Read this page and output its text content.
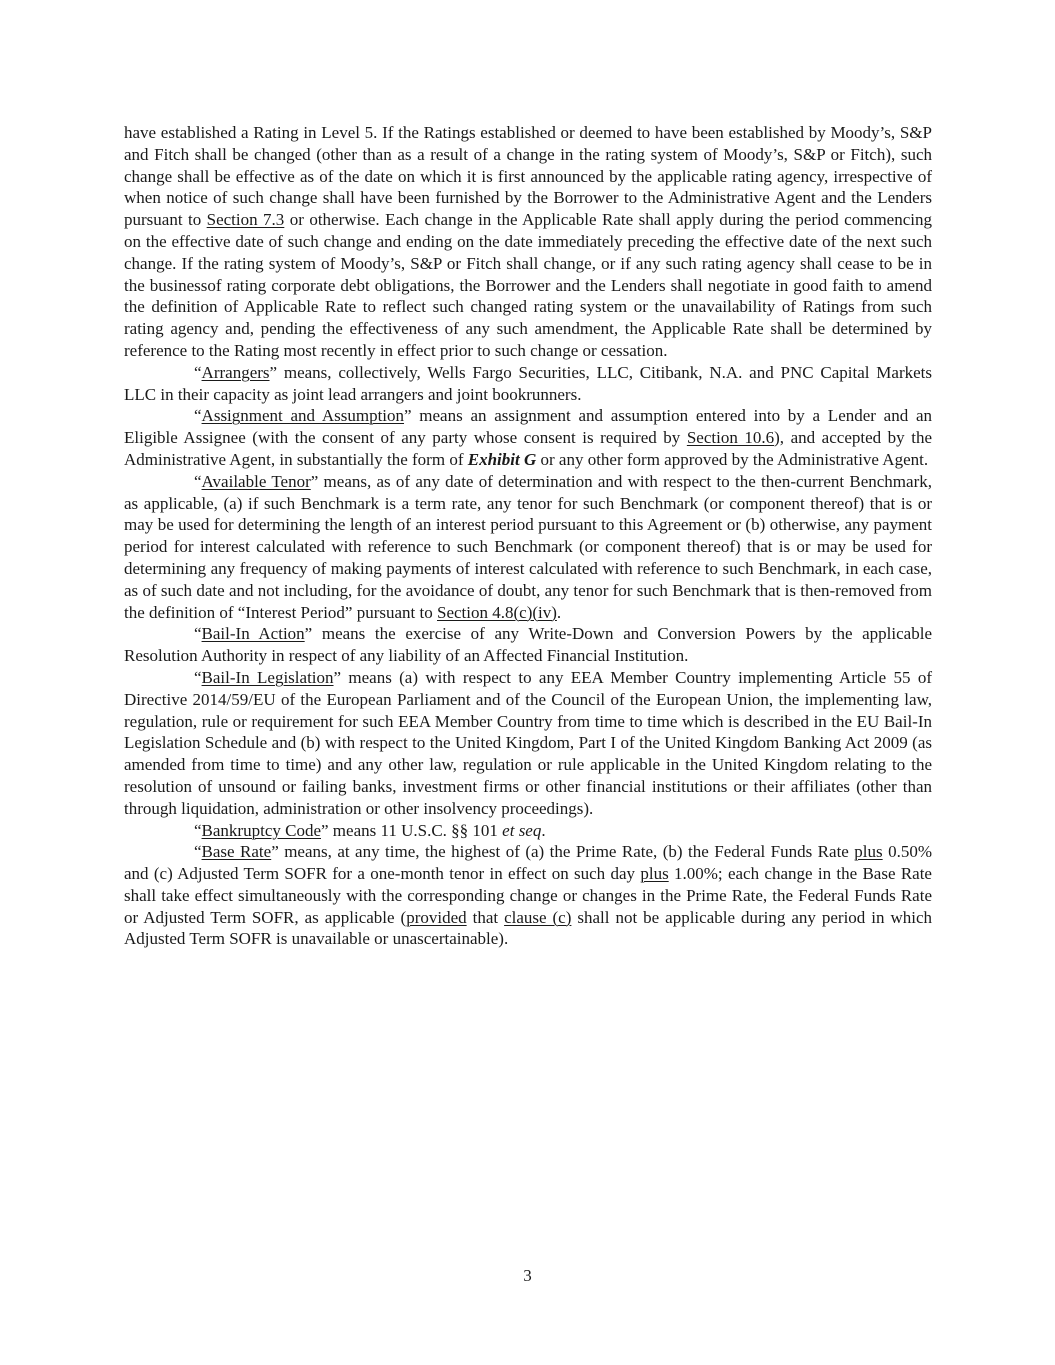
have established a Rating in Level 5. If the Ratings established or deemed to have been established by Moody’s, S&P and Fitch shall be changed (other than as a result of a change in the rating system of Moody’s, S&P or Fitch), such change shall be effective as of the date on which it is first announced by the applicable rating agency, irrespective of when notice of such change shall have been furnished by the Borrower to the Administrative Agent and the Lenders pursuant to Section 7.3 or otherwise. Each change in the Applicable Rate shall apply during the period commencing on the effective date of such change and ending on the date immediately preceding the effective date of the next such change. If the rating system of Moody’s, S&P or Fitch shall change, or if any such rating agency shall cease to be in the businessof rating corporate debt obligations, the Borrower and the Lenders shall negotiate in good faith to amend the definition of Applicable Rate to reflect such changed rating system or the unavailability of Ratings from such rating agency and, pending the effectiveness of any such amendment, the Applicable Rate shall be determined by reference to the Rating most recently in effect prior to such change or cessation.

“Arrangers” means, collectively, Wells Fargo Securities, LLC, Citibank, N.A. and PNC Capital Markets LLC in their capacity as joint lead arrangers and joint bookrunners.

“Assignment and Assumption” means an assignment and assumption entered into by a Lender and an Eligible Assignee (with the consent of any party whose consent is required by Section 10.6), and accepted by the Administrative Agent, in substantially the form of Exhibit G or any other form approved by the Administrative Agent.

“Available Tenor” means, as of any date of determination and with respect to the then-current Benchmark, as applicable, (a) if such Benchmark is a term rate, any tenor for such Benchmark (or component thereof) that is or may be used for determining the length of an interest period pursuant to this Agreement or (b) otherwise, any payment period for interest calculated with reference to such Benchmark (or component thereof) that is or may be used for determining any frequency of making payments of interest calculated with reference to such Benchmark, in each case, as of such date and not including, for the avoidance of doubt, any tenor for such Benchmark that is then-removed from the definition of “Interest Period” pursuant to Section 4.8(c)(iv).

“Bail-In Action” means the exercise of any Write-Down and Conversion Powers by the applicable Resolution Authority in respect of any liability of an Affected Financial Institution.

“Bail-In Legislation” means (a) with respect to any EEA Member Country implementing Article 55 of Directive 2014/59/EU of the European Parliament and of the Council of the European Union, the implementing law, regulation, rule or requirement for such EEA Member Country from time to time which is described in the EU Bail-In Legislation Schedule and (b) with respect to the United Kingdom, Part I of the United Kingdom Banking Act 2009 (as amended from time to time) and any other law, regulation or rule applicable in the United Kingdom relating to the resolution of unsound or failing banks, investment firms or other financial institutions or their affiliates (other than through liquidation, administration or other insolvency proceedings).

“Bankruptcy Code” means 11 U.S.C. §§ 101 et seq.

“Base Rate” means, at any time, the highest of (a) the Prime Rate, (b) the Federal Funds Rate plus 0.50% and (c) Adjusted Term SOFR for a one-month tenor in effect on such day plus 1.00%; each change in the Base Rate shall take effect simultaneously with the corresponding change or changes in the Prime Rate, the Federal Funds Rate or Adjusted Term SOFR, as applicable (provided that clause (c) shall not be applicable during any period in which Adjusted Term SOFR is unavailable or unascertainable).

3
